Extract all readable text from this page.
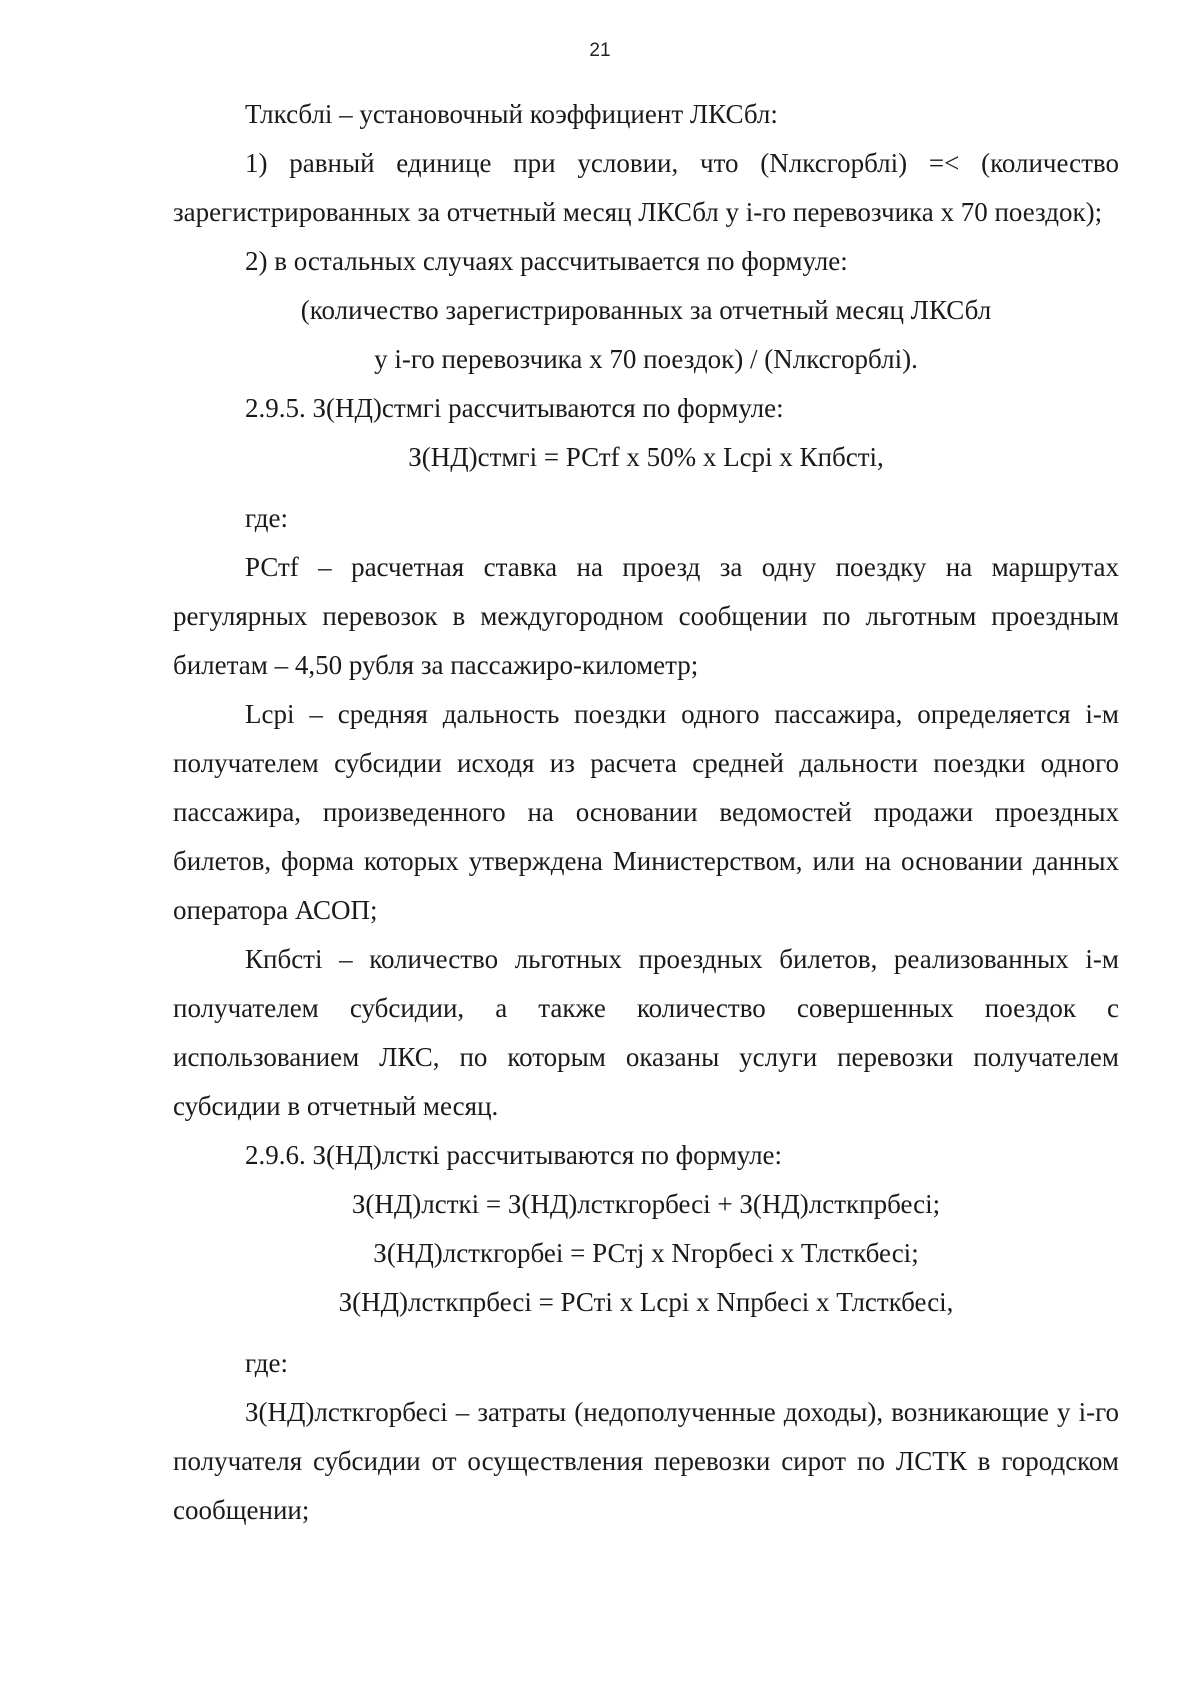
21

Тлксблі – установочный коэффициент ЛКСбл:

1) равный единице при условии, что (Nлксгорблі) =< (количество зарегистрированных за отчетный месяц ЛКСбл у і-го перевозчика х 70 поездок);

2) в остальных случаях рассчитывается по формуле:

(количество зарегистрированных за отчетный месяц ЛКСбл

у і-го перевозчика х 70 поездок) / (Nлксгорблі).

2.9.5. З(НД)стмгі рассчитываются по формуле:

З(НД)стмгі = РСтf х 50% х Lсpі х Кпбсті,

где:

РСтf – расчетная ставка на проезд за одну поездку на маршрутах регулярных перевозок в междугородном сообщении по льготным проездным билетам – 4,50 рубля за пассажиро-километр;

Lсрі – средняя дальность поездки одного пассажира, определяется і-м получателем субсидии исходя из расчета средней дальности поездки одного пассажира, произведенного на основании ведомостей продажи проездных билетов, форма которых утверждена Министерством, или на основании данных оператора АСОП;

Кпбсті – количество льготных проездных билетов, реализованных і-м получателем субсидии, а также количество совершенных поездок с использованием ЛКС, по которым оказаны услуги перевозки получателем субсидии в отчетный месяц.

2.9.6. З(НД)лсткі рассчитываются по формуле:

З(НД)лсткі = З(НД)лсткгорбесі + З(НД)лсткпрбесі;

З(НД)лсткгорбеі = РСтj х Nгорбесі х Тлсткбесі;

З(НД)лсткпрбесі = РСті х Lсрі х Nпрбесі х Тлсткбесі,

где:

З(НД)лсткгорбесі – затраты (недополученные доходы), возникающие у і-го получателя субсидии от осуществления перевозки сирот по ЛСТК в городском сообщении;
